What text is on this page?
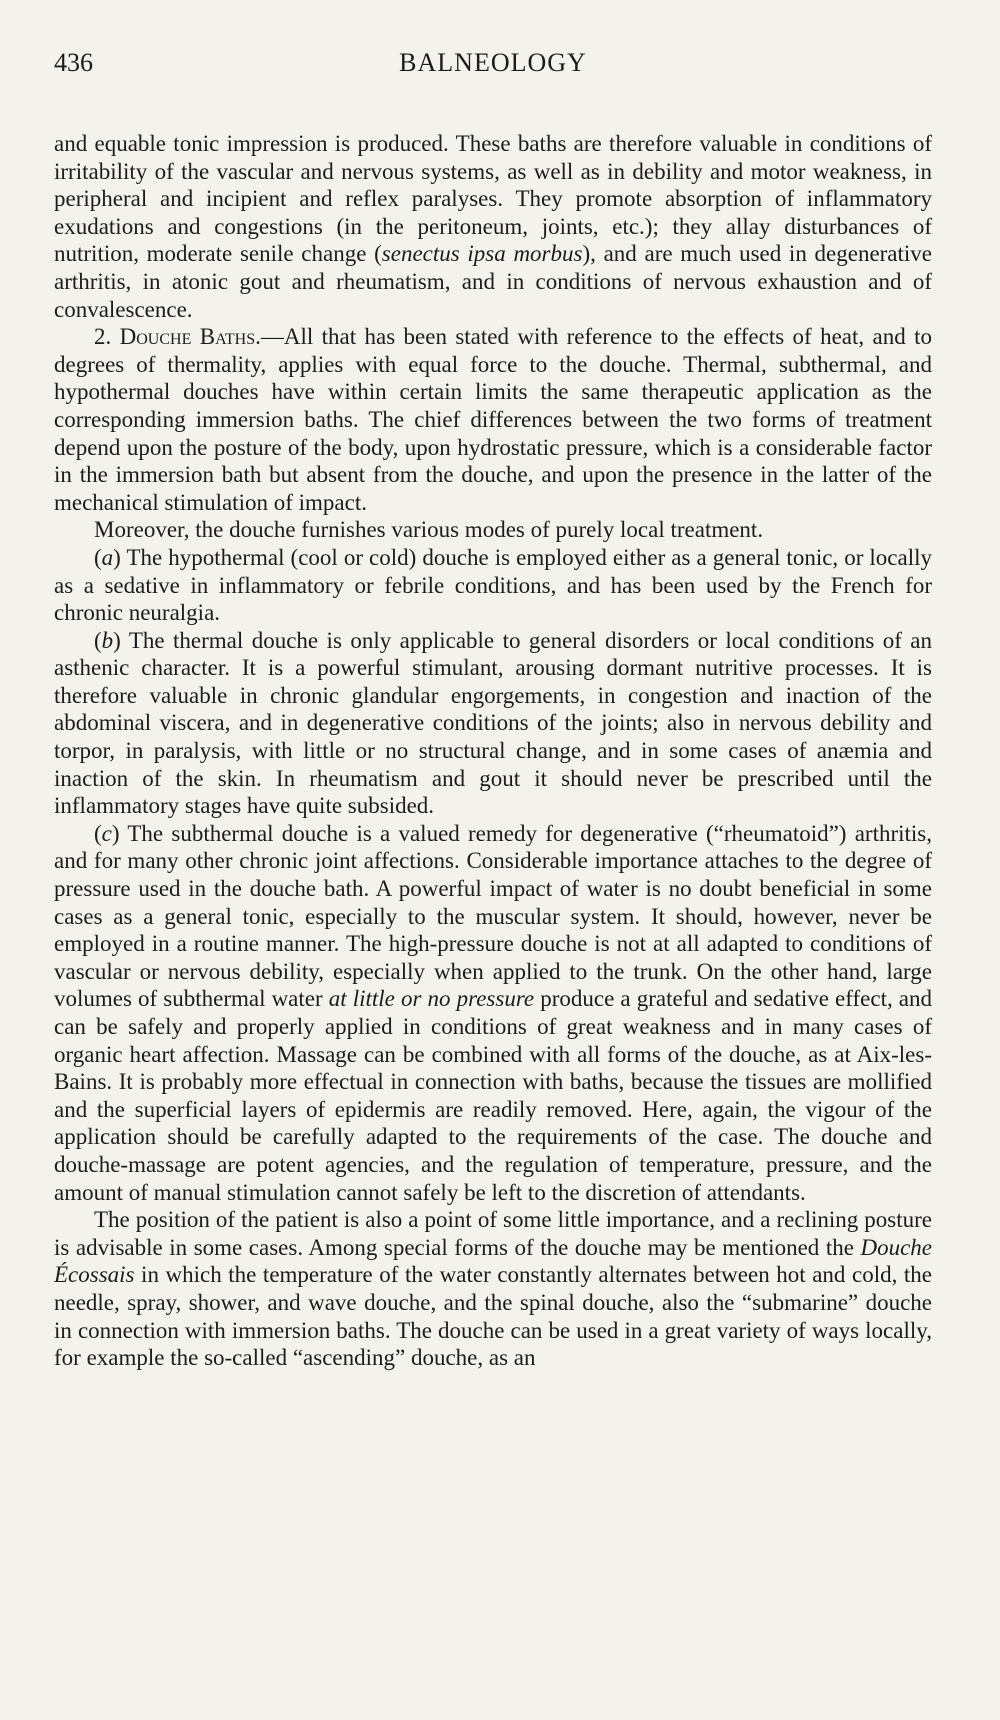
436	BALNEOLOGY

and equable tonic impression is produced. These baths are therefore valuable in conditions of irritability of the vascular and nervous systems, as well as in debility and motor weakness, in peripheral and incipient and reflex paralyses. They promote absorption of inflammatory exudations and congestions (in the peritoneum, joints, etc.); they allay disturbances of nutrition, moderate senile change (senectus ipsa morbus), and are much used in degenerative arthritis, in atonic gout and rheumatism, and in conditions of nervous exhaustion and of convalescence.

2. Douche Baths.—All that has been stated with reference to the effects of heat, and to degrees of thermality, applies with equal force to the douche. Thermal, subthermal, and hypothermal douches have within certain limits the same therapeutic application as the corresponding immersion baths. The chief differences between the two forms of treatment depend upon the posture of the body, upon hydrostatic pressure, which is a considerable factor in the immersion bath but absent from the douche, and upon the presence in the latter of the mechanical stimulation of impact.

Moreover, the douche furnishes various modes of purely local treatment.

(a) The hypothermal (cool or cold) douche is employed either as a general tonic, or locally as a sedative in inflammatory or febrile conditions, and has been used by the French for chronic neuralgia.

(b) The thermal douche is only applicable to general disorders or local conditions of an asthenic character. It is a powerful stimulant, arousing dormant nutritive processes. It is therefore valuable in chronic glandular engorgements, in congestion and inaction of the abdominal viscera, and in degenerative conditions of the joints; also in nervous debility and torpor, in paralysis, with little or no structural change, and in some cases of anæmia and inaction of the skin. In rheumatism and gout it should never be prescribed until the inflammatory stages have quite subsided.

(c) The subthermal douche is a valued remedy for degenerative (“rheumatoid”) arthritis, and for many other chronic joint affections. Considerable importance attaches to the degree of pressure used in the douche bath. A powerful impact of water is no doubt beneficial in some cases as a general tonic, especially to the muscular system. It should, however, never be employed in a routine manner. The high-pressure douche is not at all adapted to conditions of vascular or nervous debility, especially when applied to the trunk. On the other hand, large volumes of subthermal water at little or no pressure produce a grateful and sedative effect, and can be safely and properly applied in conditions of great weakness and in many cases of organic heart affection. Massage can be combined with all forms of the douche, as at Aix-les-Bains. It is probably more effectual in connection with baths, because the tissues are mollified and the superficial layers of epidermis are readily removed. Here, again, the vigour of the application should be carefully adapted to the requirements of the case. The douche and douche-massage are potent agencies, and the regulation of temperature, pressure, and the amount of manual stimulation cannot safely be left to the discretion of attendants.

The position of the patient is also a point of some little importance, and a reclining posture is advisable in some cases. Among special forms of the douche may be mentioned the Douche Écossais in which the temperature of the water constantly alternates between hot and cold, the needle, spray, shower, and wave douche, and the spinal douche, also the “submarine” douche in connection with immersion baths. The douche can be used in a great variety of ways locally, for example the so-called “ascending” douche, as an
